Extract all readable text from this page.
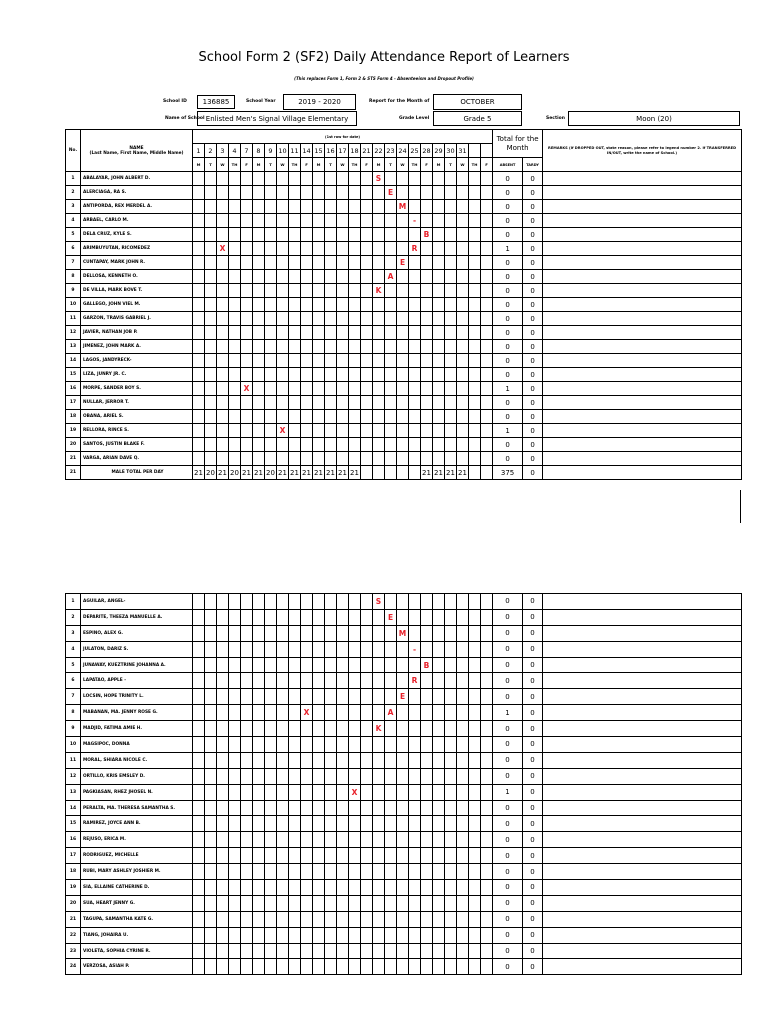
School Form 2 (SF2) Daily Attendance Report of Learners
(This replaces Form 1, Form 2 & STS Form 4 - Absenteeism and Dropout Profile)
School ID	136885	School Year	2019 - 2020	Report for the Month of	OCTOBER
Name of School Enlisted Men's Signal Village Elementary	Grade Level	Grade 5	Section	Moon (20)
No.	NAME
(Last Name, First Name, Middle Name)	(1st row for date)																									Total for the Month		REMARKS (If DROPPED OUT, state reason, please refer to legend number 2. If TRANSFERRED IN/OUT, write the name of School.)
		1	2	3	4	7	8	9	10	11	14	15	16	17	18	21	22	23	24	25	28	29	30	31					
		M	T	W	TH	F	M	T	W	TH	F	M	T	W	TH	F	M	T	W	TH	F	M	T	W	TH	F	ABSENT	TARDY	
1	ABALAYAR, JOHN ALBERT D.																S										0	0	
2	ALERCIAGA, RA S.																	E									0	0	
3	ANTIPORDA, REX MERDEL A.																		M								0	0	
4	ARBAEL, CARLO M.																			-							0	0	
5	DELA CRUZ, KYLE S.																				B						0	0	
6	ARIMBUYUTAN, RICOMEDEZ			X																R							1	0	
7	CUNTAPAY, MARK JOHN R.																		E								0	0	
8	DELLOSA, KENNETH O.																	A									0	0	
9	DE VILLA, MARK BOVE T.																K										0	0	
10	GALLEGO, JOHN VIEL M.																										0	0	
11	GARZON, TRAVIS GABRIEL J.																										0	0	
12	JAVIER, NATHAN JOB P.																										0	0	
13	JIMENEZ, JOHN MARK A.																										0	0	
14	LAGOS, JANDYRECK-																										0	0	
15	LIZA, JUNRY JR. C.																										0	0	
16	MORPE, SANDER BOY S.					X																					1	0	
17	NULLAR, JERROR T.																										0	0	
18	OBANA, ARIEL S.																										0	0	
19	RELLORA, RINCE S.								X																		1	0	
20	SANTOS, JUSTIN BLAKE F.																										0	0	
21	VARGA, ARIAN DAVE Q.																										0	0	
21	MALE TOTAL PER DAY	21	20	21	20	21	21	20	21	21	21	21	21	21	21						21	21	21	21			375	0	
1	AGUILAR, ANGEL-																S										0	0	
2	DEPARITE, THEEZA MANUELLE A.																	E									0	0	
3	ESPINO, ALEX G.																		M								0	0	
4	JULATON, DARIZ S.																			-							0	0	
5	JUNAWAY, KUEZTRINE JOHANNA A.																				B						0	0	
6	LAPATAO, APPLE -																			R							0	0	
7	LOCSIN, HOPE TRINITY L.																		E								0	0	
8	MABANAN, MA. JENNY ROSE G.										X							A									1	0	
9	MADJID, FATIMA AMIE H.																K										0	0	
10	MAGSIPOC, DONNA																										0	0	
11	MORAL, SHIARA NICOLE C.																										0	0	
12	ORTILLO, KRIS EMSLEY D.																										0	0	
13	PAGKIASAN, RHEZ JHOSEL N.														X												1	0	
14	PERALTA, MA. THERESA SAMANTHA S.																										0	0	
15	RAMIREZ, JOYCE ANN B.																										0	0	
16	REJUSO, ERICA M.																										0	0	
17	RODRIGUEZ, MICHELLE																										0	0	
18	RUBI, MARY ASHLEY JOSHIER M.																										0	0	
19	SIA, ELLAINE CATHERINE D.																										0	0	
20	SUA, HEART JENNY G.																										0	0	
21	TAGUPA, SAMANTHA KATE G.																										0	0	
22	TIANG, JOHAIRA U.																										0	0	
23	VIOLETA, SOPHIA CYRINE R.																										0	0	
24	VERZOSA, ASIAH P.																										0	0	
